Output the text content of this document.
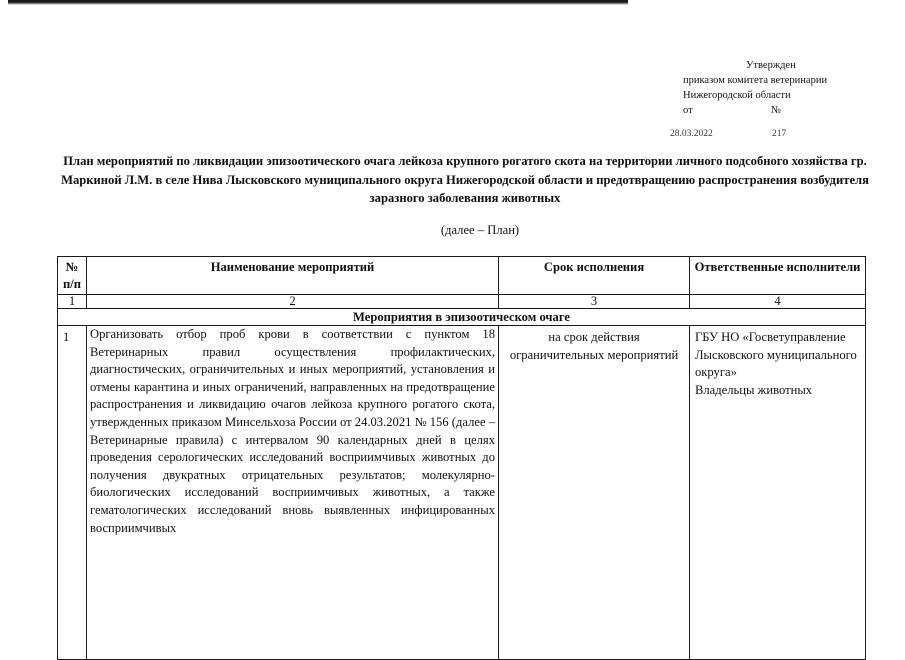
Утвержден
приказом комитета ветеринарии
Нижегородской области
от	№
28.03.2022	217
План мероприятий по ликвидации эпизоотического очага лейкоза крупного рогатого скота на территории личного подсобного хозяйства гр. Маркиной Л.М. в селе Нива Лысковского муниципального округа Нижегородской области и предотвращению распространения возбудителя заразного заболевания животных
(далее – План)
№ п/п	Наименование мероприятий	Срок исполнения	Ответственные исполнители
1	2	3	4
Мероприятия в эпизоотическом очаге			
1	Организовать отбор проб крови в соответствии с пунктом 18 Ветеринарных правил осуществления профилактических, диагностических, ограничительных и иных мероприятий, установления и отмены карантина и иных ограничений, направленных на предотвращение распространения и ликвидацию очагов лейкоза крупного рогатого скота, утвержденных приказом Минсельхоза России от 24.03.2021 № 156 (далее – Ветеринарные правила) с интервалом 90 календарных дней в целях проведения серологических исследований восприимчивых животных до получения двукратных отрицательных результатов; молекулярно-биологических исследований восприимчивых животных, а также гематологических исследований вновь выявленных инфицированных восприимчивых	на срок действия ограничительных мероприятий	ГБУ НО «Госветуправление Лысковского муниципального округа»
Владельцы животных
